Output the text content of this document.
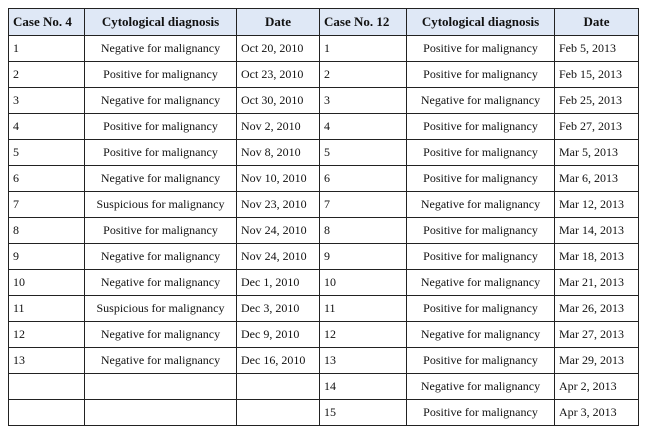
Case No. 4	Cytological diagnosis	Date	Case No. 12	Cytological diagnosis	Date
1	Negative for malignancy	Oct 20, 2010	1	Positive for malignancy	Feb 5, 2013
2	Positive for malignancy	Oct 23, 2010	2	Positive for malignancy	Feb 15, 2013
3	Negative for malignancy	Oct 30, 2010	3	Negative for malignancy	Feb 25, 2013
4	Positive for malignancy	Nov 2, 2010	4	Positive for malignancy	Feb 27, 2013
5	Positive for malignancy	Nov 8, 2010	5	Positive for malignancy	Mar 5, 2013
6	Negative for malignancy	Nov 10, 2010	6	Positive for malignancy	Mar 6, 2013
7	Suspicious for malignancy	Nov 23, 2010	7	Negative for malignancy	Mar 12, 2013
8	Positive for malignancy	Nov 24, 2010	8	Positive for malignancy	Mar 14, 2013
9	Negative for malignancy	Nov 24, 2010	9	Positive for malignancy	Mar 18, 2013
10	Negative for malignancy	Dec 1, 2010	10	Negative for malignancy	Mar 21, 2013
11	Suspicious for malignancy	Dec 3, 2010	11	Positive for malignancy	Mar 26, 2013
12	Negative for malignancy	Dec 9, 2010	12	Negative for malignancy	Mar 27, 2013
13	Negative for malignancy	Dec 16, 2010	13	Positive for malignancy	Mar 29, 2013
			14	Negative for malignancy	Apr 2, 2013
			15	Positive for malignancy	Apr 3, 2013
